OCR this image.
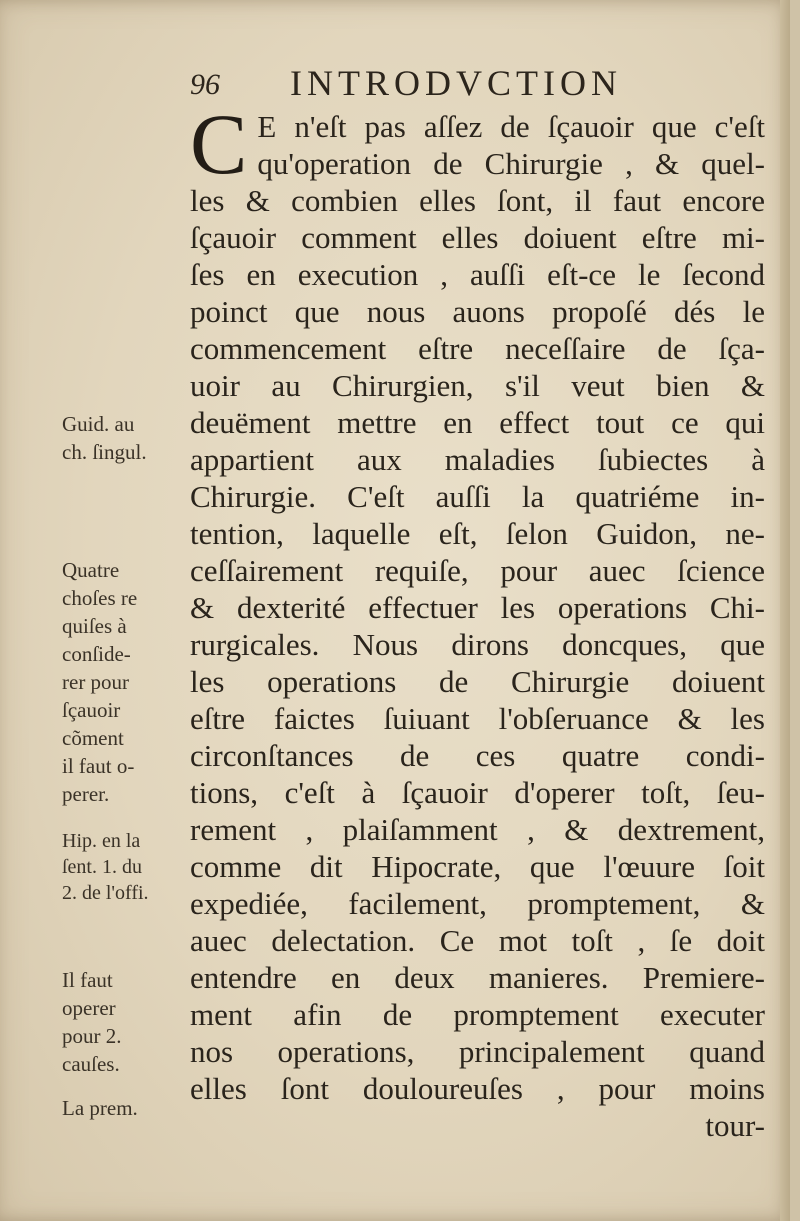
96 INTRODVCTION
C E n'eſt pas aſſez de ſçauoir que c'eſt
qu'operation de Chirurgie , & quel-
les & combien elles ſont, il faut encore
ſçauoir comment elles doiuent eſtre mi-
ſes en execution , auſſi eſt-ce le ſecond
poinct que nous auons propoſé dés le
commencement eſtre neceſſaire de ſça-
uoir au Chirurgien, s'il veut bien &
deuëment mettre en effect tout ce qui
appartient aux maladies ſubiectes à
Chirurgie. C'eſt auſſi la quatriéme in-
tention, laquelle eſt, ſelon Guidon, ne-
ceſſairement requiſe, pour auec ſcience
& dexterité effectuer les operations Chi-
rurgicales. Nous dirons doncques, que
les operations de Chirurgie doiuent
eſtre faictes ſuiuant l'obſeruance & les
circonſtances de ces quatre condi-
tions, c'eſt à ſçauoir d'operer toſt, ſeu-
rement , plaiſamment , & dextrement,
comme dit Hipocrate, que l'œuure ſoit
expediée, facilement, promptement, &
auec delectation. Ce mot toſt , ſe doit
entendre en deux manieres. Premiere-
ment afin de promptement executer
nos operations, principalement quand
elles ſont douloureuſes , pour moins
tour-
Guid. au
ch. ſingul.
Quatre
choſes re
quiſes à
conſide-
rer pour
ſçauoir
cõment
il faut o-
perer.
Hip. en la
ſent. 1. du
2. de l'offi.
Il faut
operer
pour 2.
cauſes.
La prem.
